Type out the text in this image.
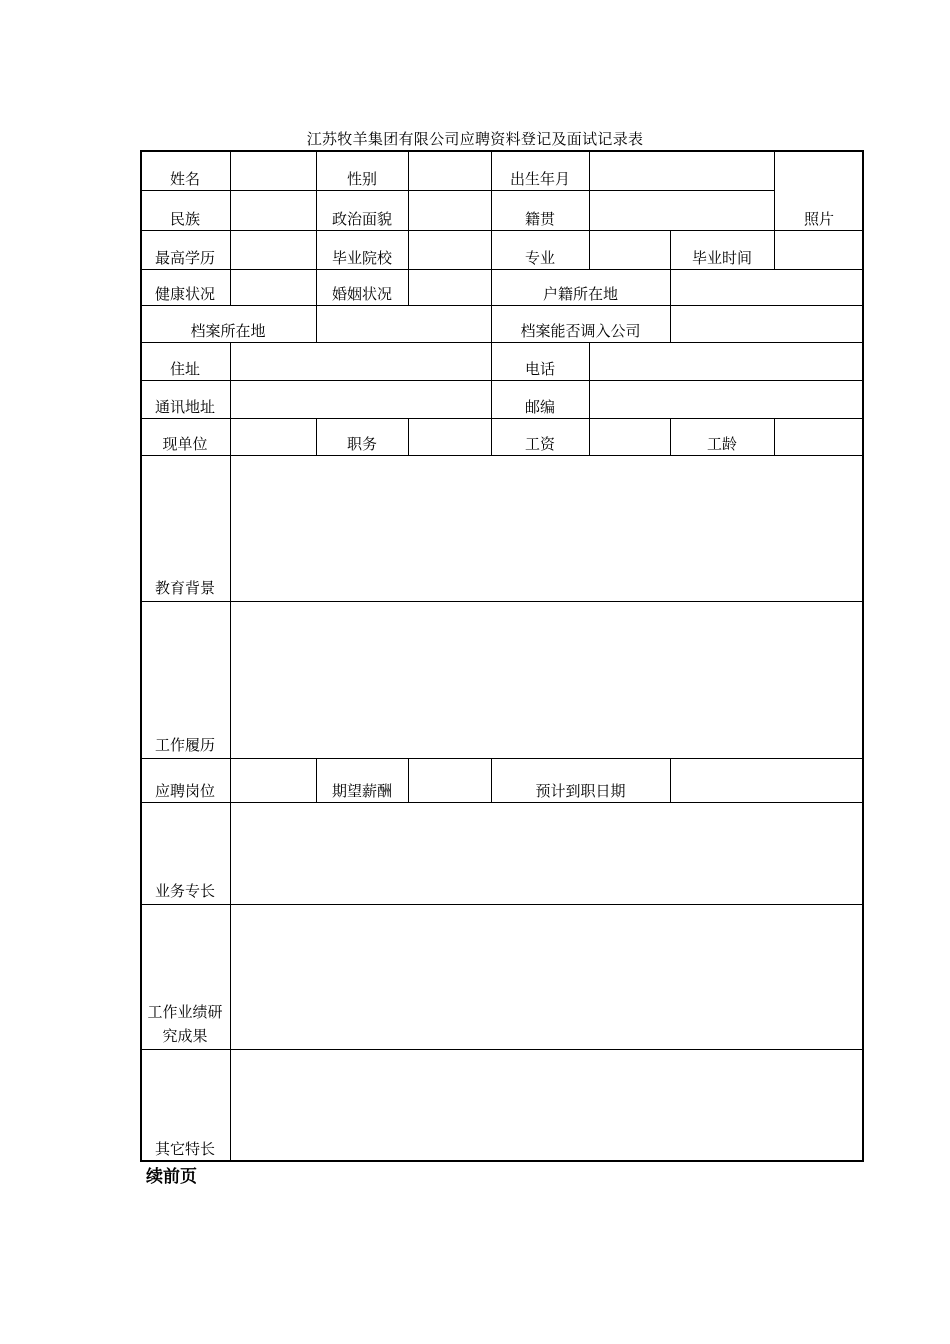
江苏牧羊集团有限公司应聘资料登记及面试记录表
姓名	性别	出生年月
照片
民族	政治面貌	籍贯
最高学历	毕业院校	专业	毕业时间
健康状况	婚姻状况	户籍所在地
档案所在地	档案能否调入公司
住址	电话
通讯地址	邮编
现单位	职务	工资	工龄
教育背景
工作履历
应聘岗位	期望薪酬	预计到职日期
业务专长
工作业绩研
究成果
其它特长
续前页
